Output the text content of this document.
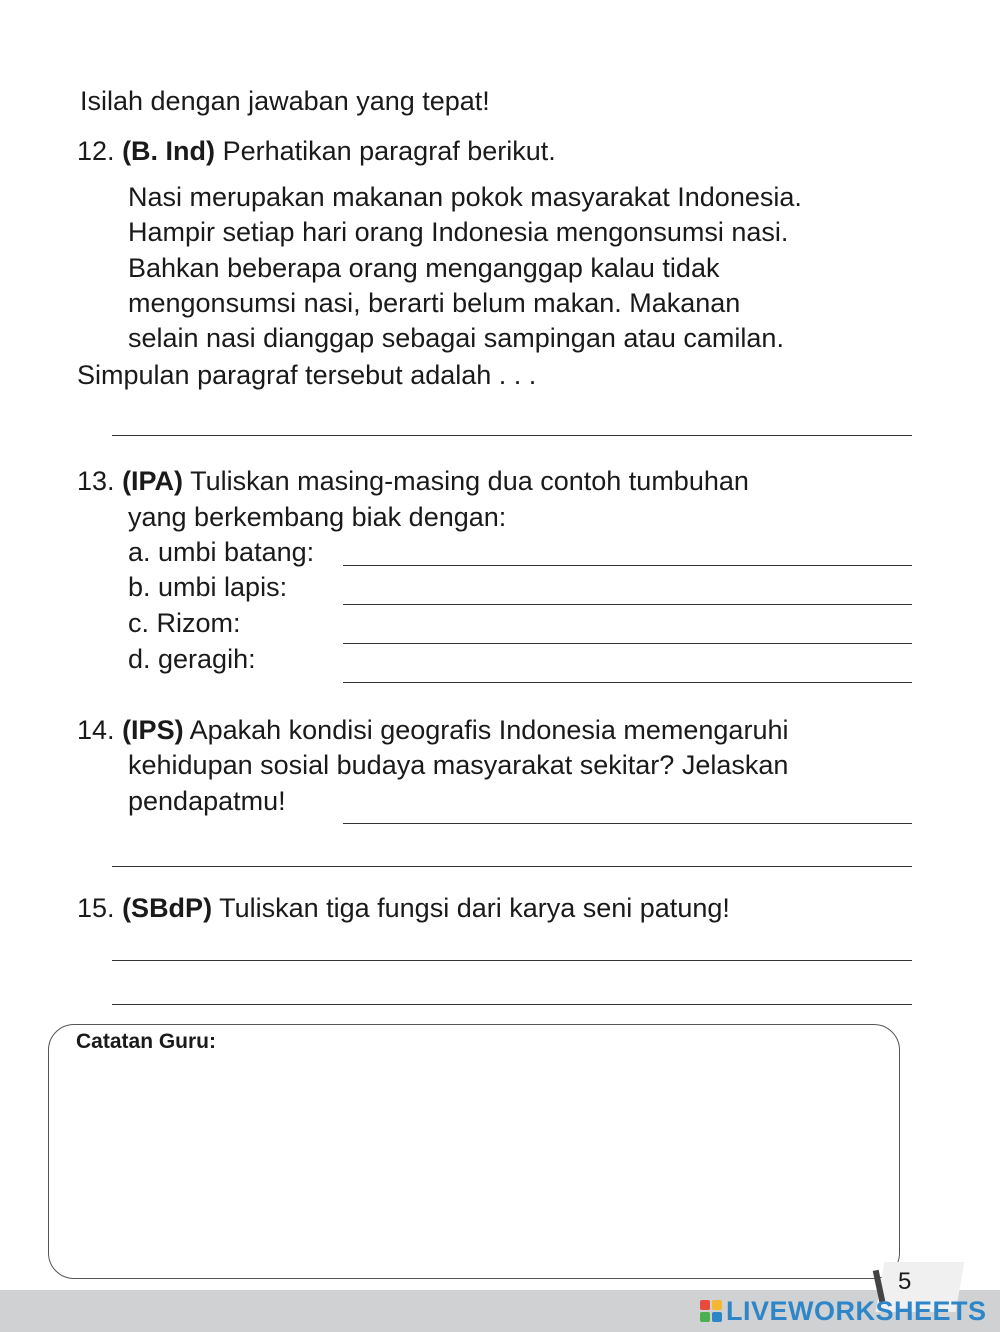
Isilah dengan jawaban yang tepat!
12. (B. Ind) Perhatikan paragraf berikut.
Nasi merupakan makanan pokok masyarakat Indonesia.
Hampir setiap hari orang Indonesia mengonsumsi nasi.
Bahkan beberapa orang menganggap kalau tidak
mengonsumsi nasi, berarti belum makan. Makanan
selain nasi dianggap sebagai sampingan atau camilan.
Simpulan paragraf tersebut adalah . . .
13. (IPA) Tuliskan masing-masing dua contoh tumbuhan
yang berkembang biak dengan:
a. umbi batang:
b. umbi lapis:
c. Rizom:
d. geragih:
14. (IPS) Apakah kondisi geografis Indonesia memengaruhi
kehidupan sosial budaya masyarakat sekitar? Jelaskan
pendapatmu!
15. (SBdP) Tuliskan tiga fungsi dari karya seni patung!
Catatan Guru:
5
LIVEWORKSHEETS
